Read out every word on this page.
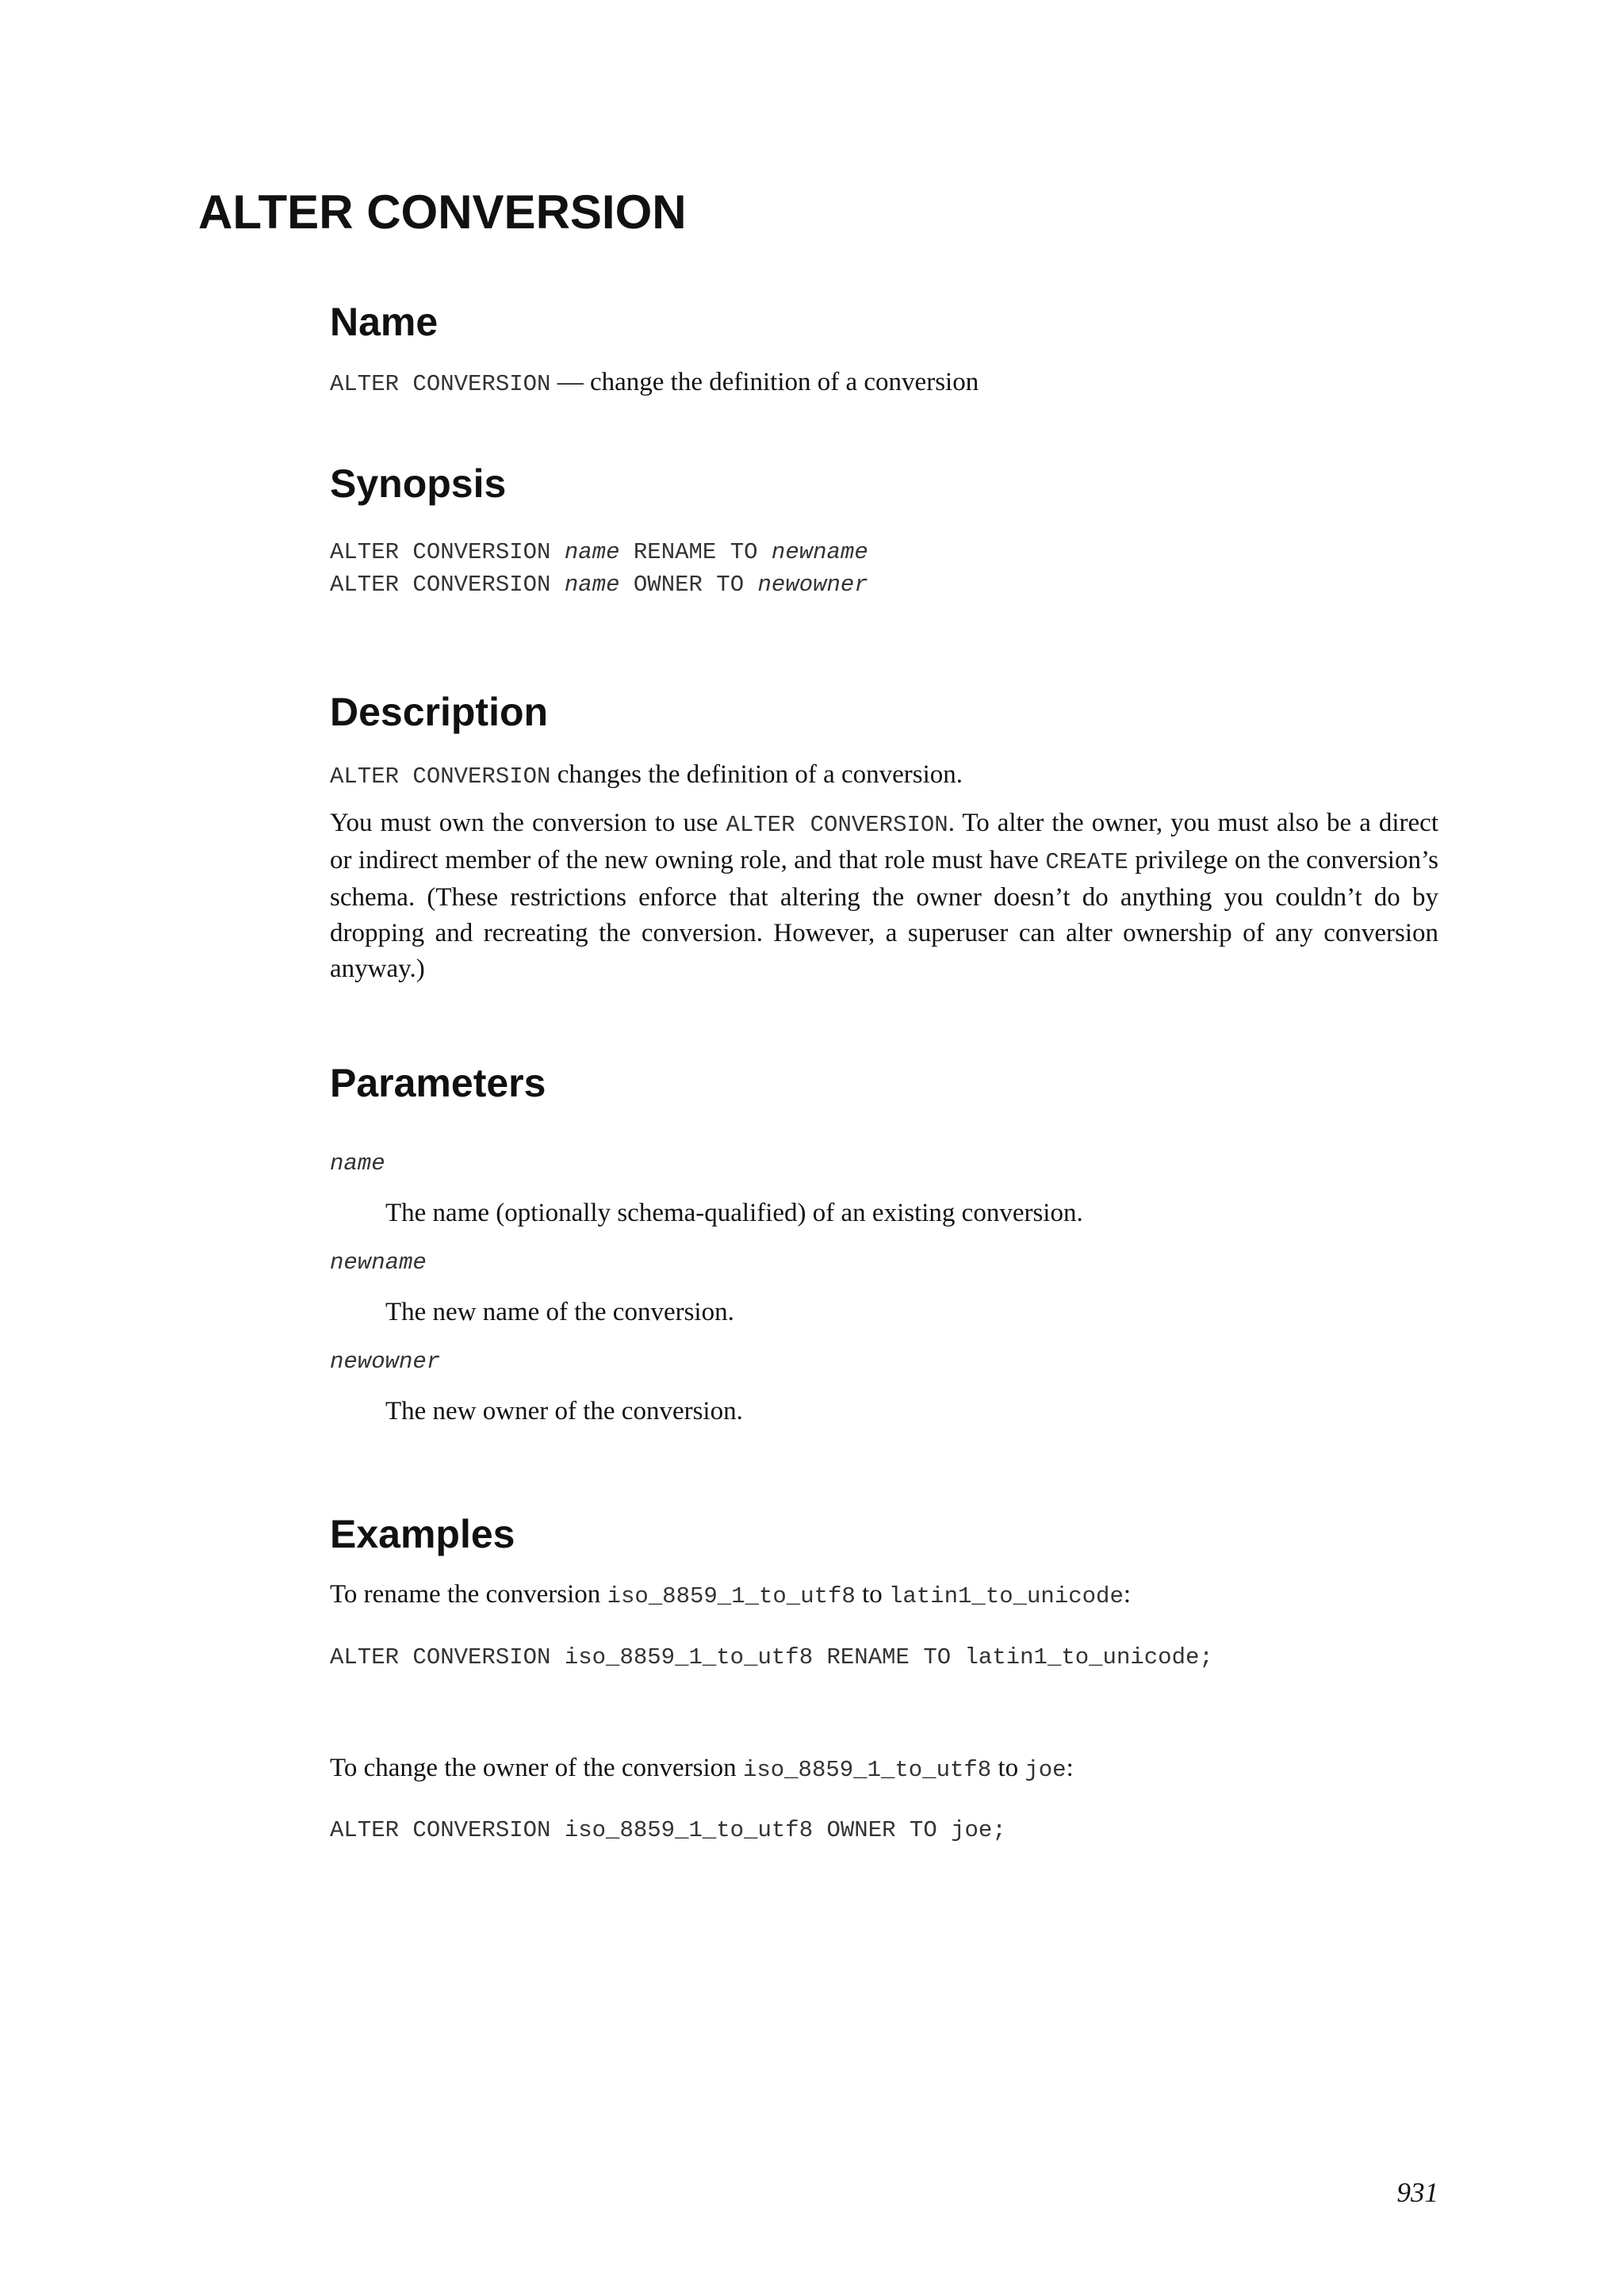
ALTER CONVERSION
Name

ALTER CONVERSION — change the definition of a conversion

Synopsis
ALTER CONVERSION name RENAME TO newname
ALTER CONVERSION name OWNER TO newowner
Description

ALTER CONVERSION changes the definition of a conversion.

You must own the conversion to use ALTER CONVERSION. To alter the owner, you must also be a direct or indirect member of the new owning role, and that role must have CREATE privilege on the conversion’s schema. (These restrictions enforce that altering the owner doesn’t do anything you couldn’t do by dropping and recreating the conversion. However, a superuser can alter ownership of any conversion anyway.)

Parameters
name

The name (optionally schema-qualified) of an existing conversion.

newname

The new name of the conversion.

newowner

The new owner of the conversion.

Examples

To rename the conversion iso_8859_1_to_utf8 to latin1_to_unicode:

ALTER CONVERSION iso_8859_1_to_utf8 RENAME TO latin1_to_unicode;

To change the owner of the conversion iso_8859_1_to_utf8 to joe:

ALTER CONVERSION iso_8859_1_to_utf8 OWNER TO joe;
931
